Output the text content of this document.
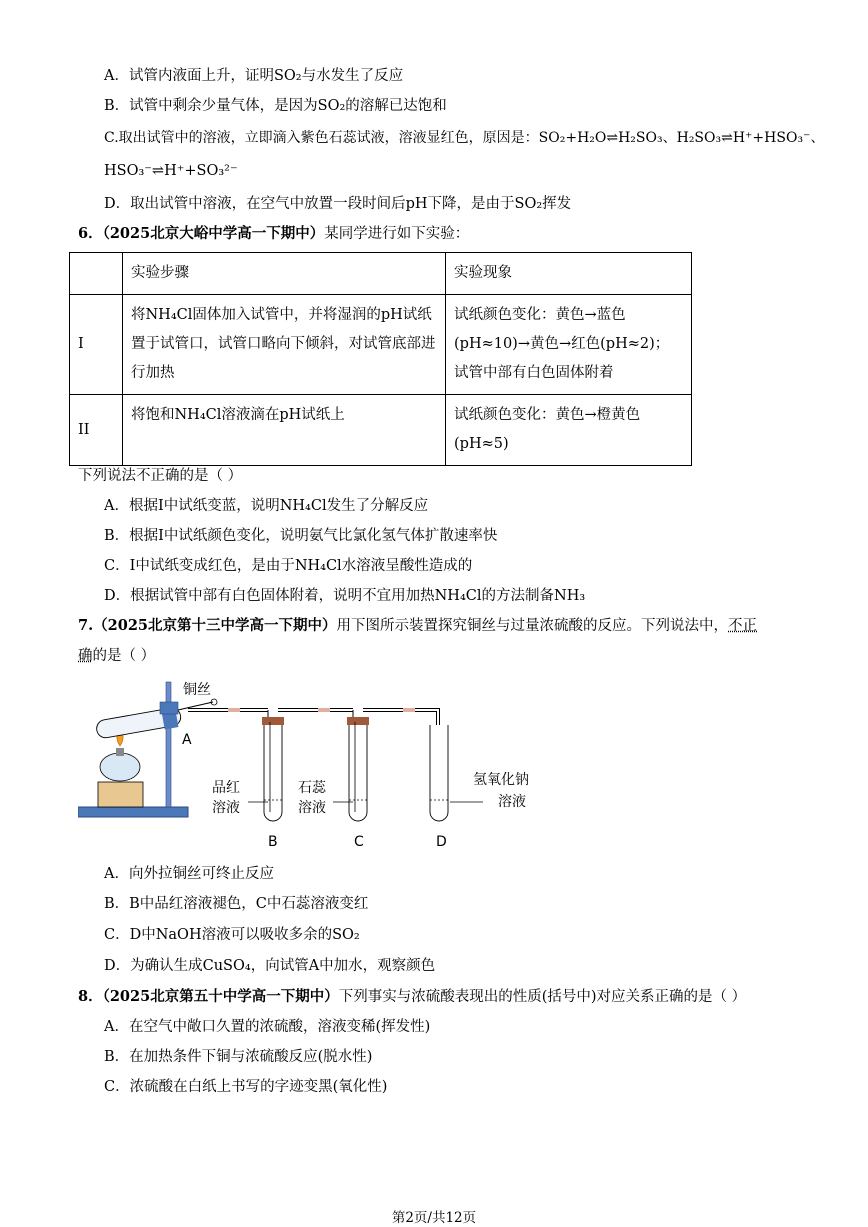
A．试管内液面上升，证明SO₂与水发生了反应
B．试管中剩余少量气体，是因为SO₂的溶解已达饱和
C.取出试管中的溶液，立即滴入紫色石蕊试液，溶液显红色，原因是：SO₂+H₂O⇌H₂SO₃、H₂SO₃⇌H⁺+HSO₃⁻、
HSO₃⁻⇌H⁺+SO₃²⁻
D．取出试管中溶液，在空气中放置一段时间后pH下降，是由于SO₂挥发
6．（2025北京大峪中学高一下期中）某同学进行如下实验：
	实验步骤	实验现象
I	将NH₄Cl固体加入试管中，并将湿润的pH试纸置于试管口，试管口略向下倾斜，对试管底部进行加热	试纸颜色变化：黄色→蓝色(pH≈10)→黄色→红色(pH≈2)；试管中部有白色固体附着
II	将饱和NH₄Cl溶液滴在pH试纸上	试纸颜色变化：黄色→橙黄色(pH≈5)
下列说法不正确的是（ ）
A．根据I中试纸变蓝，说明NH₄Cl发生了分解反应
B．根据I中试纸颜色变化，说明氨气比氯化氢气体扩散速率快
C．I中试纸变成红色，是由于NH₄Cl水溶液呈酸性造成的
D．根据试管中部有白色固体附着，说明不宜用加热NH₄Cl的方法制备NH₃
7.（2025北京第十三中学高一下期中）用下图所示装置探究铜丝与过量浓硫酸的反应。下列说法中，不正
确的是（ ）
铜丝
A
品红
溶液
石蕊
溶液
氢氧化钠
溶液
B	C	D
A．向外拉铜丝可终止反应
B．B中品红溶液褪色，C中石蕊溶液变红
C．D中NaOH溶液可以吸收多余的SO₂
D．为确认生成CuSO₄，向试管A中加水，观察颜色
8．（2025北京第五十中学高一下期中）下列事实与浓硫酸表现出的性质(括号中)对应关系正确的是（ ）
A．在空气中敞口久置的浓硫酸，溶液变稀(挥发性)
B．在加热条件下铜与浓硫酸反应(脱水性)
C．浓硫酸在白纸上书写的字迹变黑(氧化性)
第2页/共12页
